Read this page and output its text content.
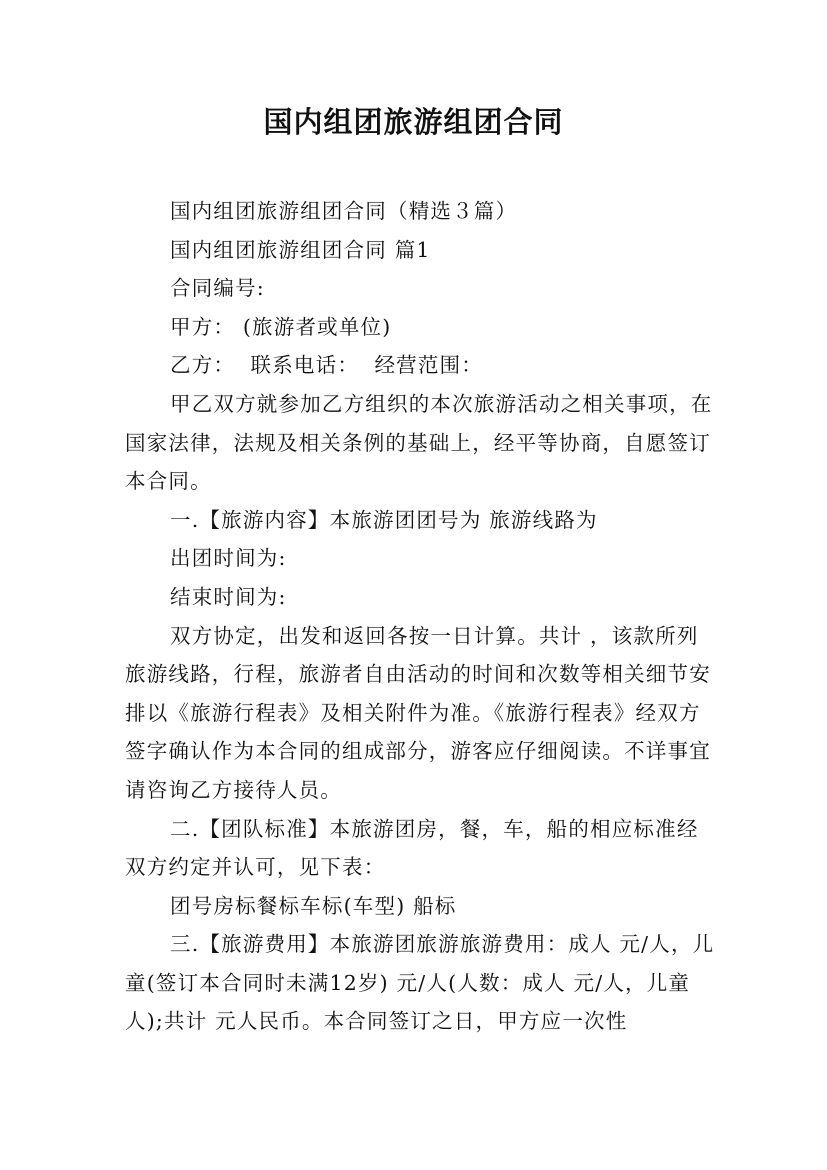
国内组团旅游组团合同

国内组团旅游组团合同（精选３篇）

国内组团旅游组团合同 篇1

合同编号:

甲方： (旅游者或单位)

乙方：  联系电话：  经营范围：

甲乙双方就参加乙方组织的本次旅游活动之相关事项，在国家法律，法规及相关条例的基础上，经平等协商，自愿签订本合同。

一.【旅游内容】本旅游团团号为 旅游线路为

出团时间为:

结束时间为:

双方协定，出发和返回各按一日计算。共计 ，该款所列旅游线路，行程，旅游者自由活动的时间和次数等相关细节安排以《旅游行程表》及相关附件为准。《旅游行程表》经双方签字确认作为本合同的组成部分，游客应仔细阅读。不详事宜请咨询乙方接待人员。

二.【团队标准】本旅游团房，餐，车，船的相应标准经双方约定并认可，见下表：

团号房标餐标车标(车型) 船标

三.【旅游费用】本旅游团旅游旅游费用：成人 元/人，儿童(签订本合同时未满12岁) 元/人(人数：成人 元/人，儿童 人);共计 元人民币。本合同签订之日，甲方应一次性
